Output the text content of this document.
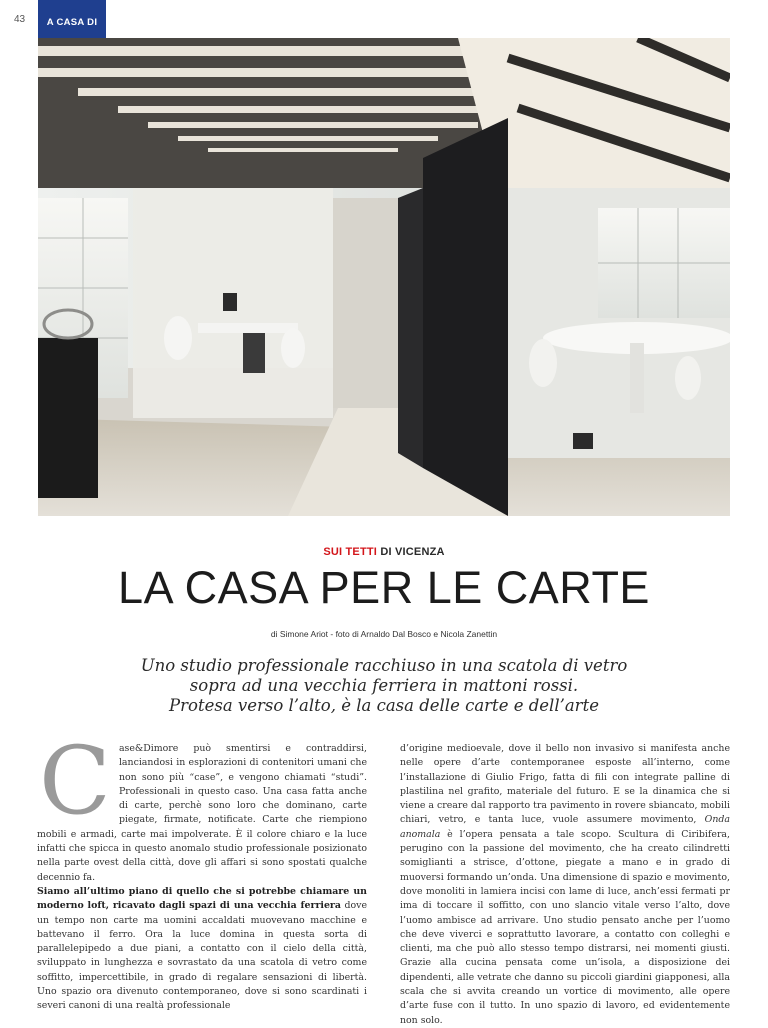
43 A CASA DI
SUI TETTI DI VICENZA
LA CASA PER LE CARTE
di Simone Ariot - foto di Arnaldo Dal Bosco e Nicola Zanettin
Uno studio professionale racchiuso in una scatola di vetro
sopra ad una vecchia ferriera in mattoni rossi.
Protesa verso l’alto, è la casa delle carte e dell’arte
C ase&Dimore può smentirsi e contraddirsi, lanciandosi in esplorazioni di contenitori umani che non sono più “case”, e vengono chiamati “studi”. Professionali in questo caso. Una casa fatta anche di carte, perchè sono loro che dominano, carte piegate, firmate, notificate. Carte che riempiono mobili e armadi, carte mai impolverate. È il colore chiaro e la luce infatti che spicca in questo anomalo studio professionale posizionato nella parte ovest della città, dove gli affari si sono spostati qualche decennio fa.

Siamo all’ultimo piano di quello che si potrebbe chiamare un moderno loft, ricavato dagli spazi di una vecchia ferriera dove un tempo non carte ma uomini accaldati muovevano macchine e battevano il ferro. Ora la luce domina in questa sorta di parallelepipedo a due piani, a contatto con il cielo della città, sviluppato in lunghezza e sovrastato da una scatola di vetro come soffitto, impercettibile, in grado di regalare sensazioni di libertà. Uno spazio ora divenuto contemporaneo, dove si sono scardinati i severi canoni di una realtà professionale

d’origine medioevale, dove il bello non invasivo si manifesta anche nelle opere d’arte contemporanee esposte all’interno, come l’installazione di Giulio Frigo, fatta di fili con integrate palline di plastilina nel grafito, materiale del futuro. E se la dinamica che si viene a creare dal rapporto tra pavimento in rovere sbiancato, mobili chiari, vetro, e tanta luce, vuole assumere movimento, Onda anomala è l’opera pensata a tale scopo. Scultura di Ciribifera, perugino con la passione del movimento, che ha creato cilindretti somiglianti a strisce, d’ottone, piegate a mano e in grado di muoversi formando un’onda. Una dimensione di spazio e movimento, dove monoliti in lamiera incisi con lame di luce, anch’essi fermati pr ima di toccare il soffitto, con uno slancio vitale verso l’alto, dove l’uomo ambisce ad arrivare. Uno studio pensato anche per l’uomo che deve viverci e soprattutto lavorare, a contatto con colleghi e clienti, ma che può allo stesso tempo distrarsi, nei momenti giusti. Grazie alla cucina pensata come un’isola, a disposizione dei dipendenti, alle vetrate che danno su piccoli giardini giapponesi, alla scala che si avvita creando un vortice di movimento, alle opere d’arte fuse con il tutto. In uno spazio di lavoro, ed evidentemente non solo.
